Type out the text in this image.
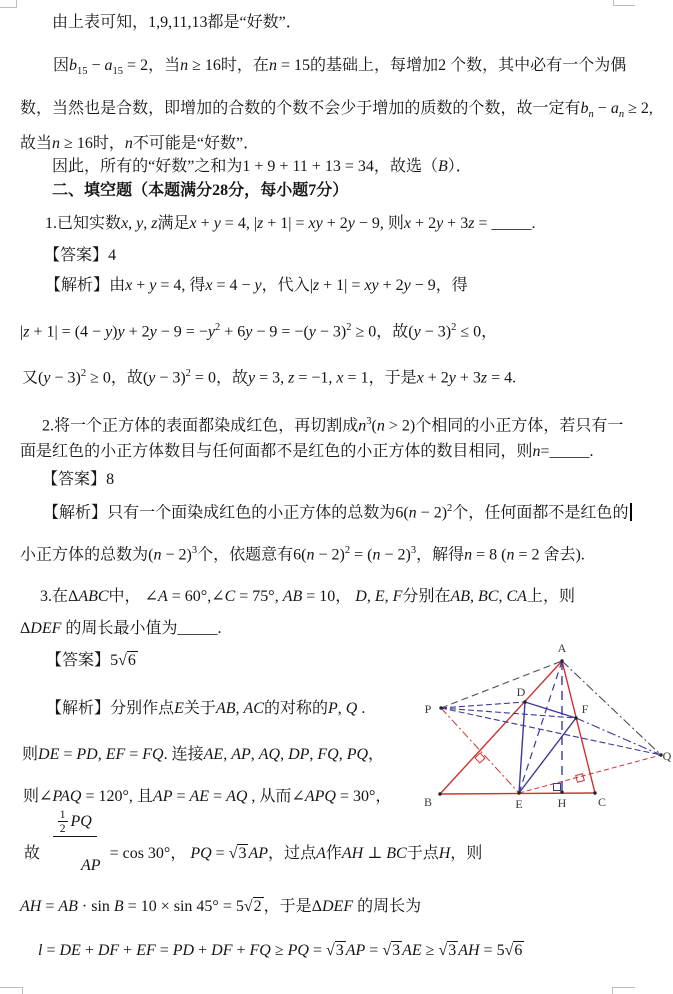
由上表可知，1,9,11,13都是“好数”．
因$b_{15} - a_{15} = 2$，当n ≥ 16时，在n = 15的基础上，每增加2 个数，其中必有一个为偶
数，当然也是合数，即增加的合数的个数不会少于增加的质数的个数，故一定有$b_n - a_n \ge 2$,
故当n ≥ 16时，n不可能是“好数”．
因此，所有的“好数”之和为1 + 9 + 11 + 13 = 34，故选（B）．
二、填空题（本题满分28分，每小题7分）
1.已知实数x, y, z满足x + y = 4, |z + 1| = xy + 2y − 9, 则x + 2y + 3z = _____.
【答案】4
【解析】由x + y = 4, 得x = 4 − y，代入|z + 1| = xy + 2y − 9，得
$|z + 1| = (4 - y)y + 2y - 9 = -y^2 + 6y - 9 = -(y - 3)^2 \ge 0$，故$(y - 3)^2 \le 0$，
又$(y - 3)^2 \ge 0$，故$(y - 3)^2 = 0$，故y = 3, z = −1, x = 1，于是x + 2y + 3z = 4.
2.将一个正方体的表面都染成红色，再切割成$n^3(n > 2)$个相同的小正方体，若只有一
面是红色的小正方体数目与任何面都不是红色的小正方体的数目相同，则n=_____.
【答案】8
【解析】只有一个面染成红色的小正方体的总数为$6(n - 2)^2$个，任何面都不是红色的
小正方体的总数为$(n - 2)^3$个，依题意有$6(n - 2)^2 = (n - 2)^3$，解得n = 8 (n = 2 舍去).
3.在ΔABC中， ∠A = 60°,∠C = 75°, AB = 10， D, E, F分别在AB, BC, CA上，则
ΔDEF 的周长最小值为_____.
【答案】5√6
【解析】分别作点E关于AB, AC的对称的P, Q .
则DE = PD, EF = FQ. 连接AE, AP, AQ, DP, FQ, PQ，
则∠PAQ = 120°, 且AP = AE = AQ , 从而∠APQ = 30°，
AH = AB · sin B = 10 × sin 45° = 5√2 ，于是ΔDEF 的周长为
l = DE + DF + EF = PD + DF + FQ ≥ PQ = √3 AP = √3 AE ≥ √3 AH = 5√6
故 $\frac{\frac{1}{2} PQ}{AP}$
= cos 30°， PQ = √3 AP，过点A作AH ⊥ BC于点H，则
A
D
P	F
Q
B	E	H	C
